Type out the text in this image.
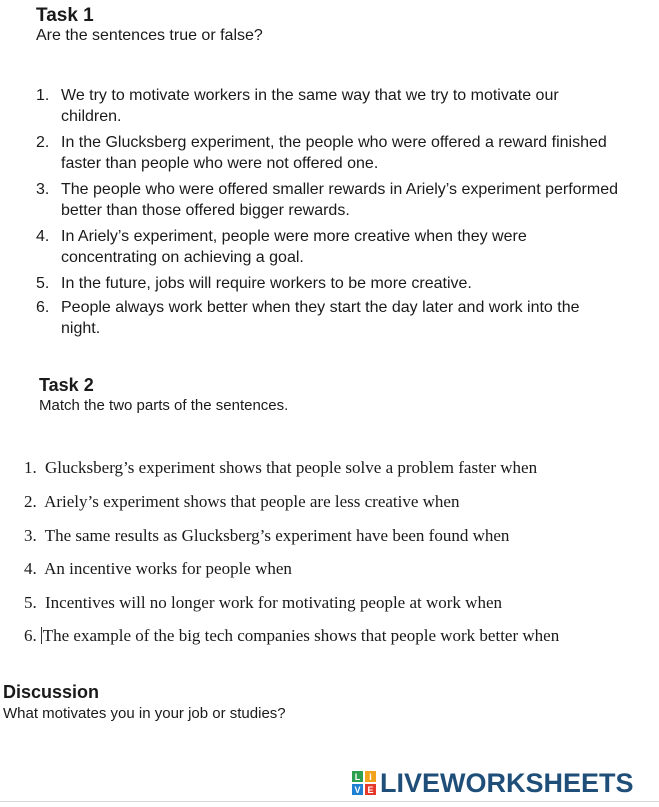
Task 1
Are the sentences true or false?
1. We try to motivate workers in the same way that we try to motivate our children.
2. In the Glucksberg experiment, the people who were offered a reward finished faster than people who were not offered one.
3. The people who were offered smaller rewards in Ariely’s experiment performed better than those offered bigger rewards.
4. In Ariely’s experiment, people were more creative when they were concentrating on achieving a goal.
5. In the future, jobs will require workers to be more creative.
6. People always work better when they start the day later and work into the night.
Task 2
Match the two parts of the sentences.
1. Glucksberg’s experiment shows that people solve a problem faster when
2. Ariely’s experiment shows that people are less creative when
3. The same results as Glucksberg’s experiment have been found when
4. An incentive works for people when
5. Incentives will no longer work for motivating people at work when
6. The example of the big tech companies shows that people work better when
Discussion
What motivates you in your job or studies?
L I
V E LIVEWORKSHEETS
